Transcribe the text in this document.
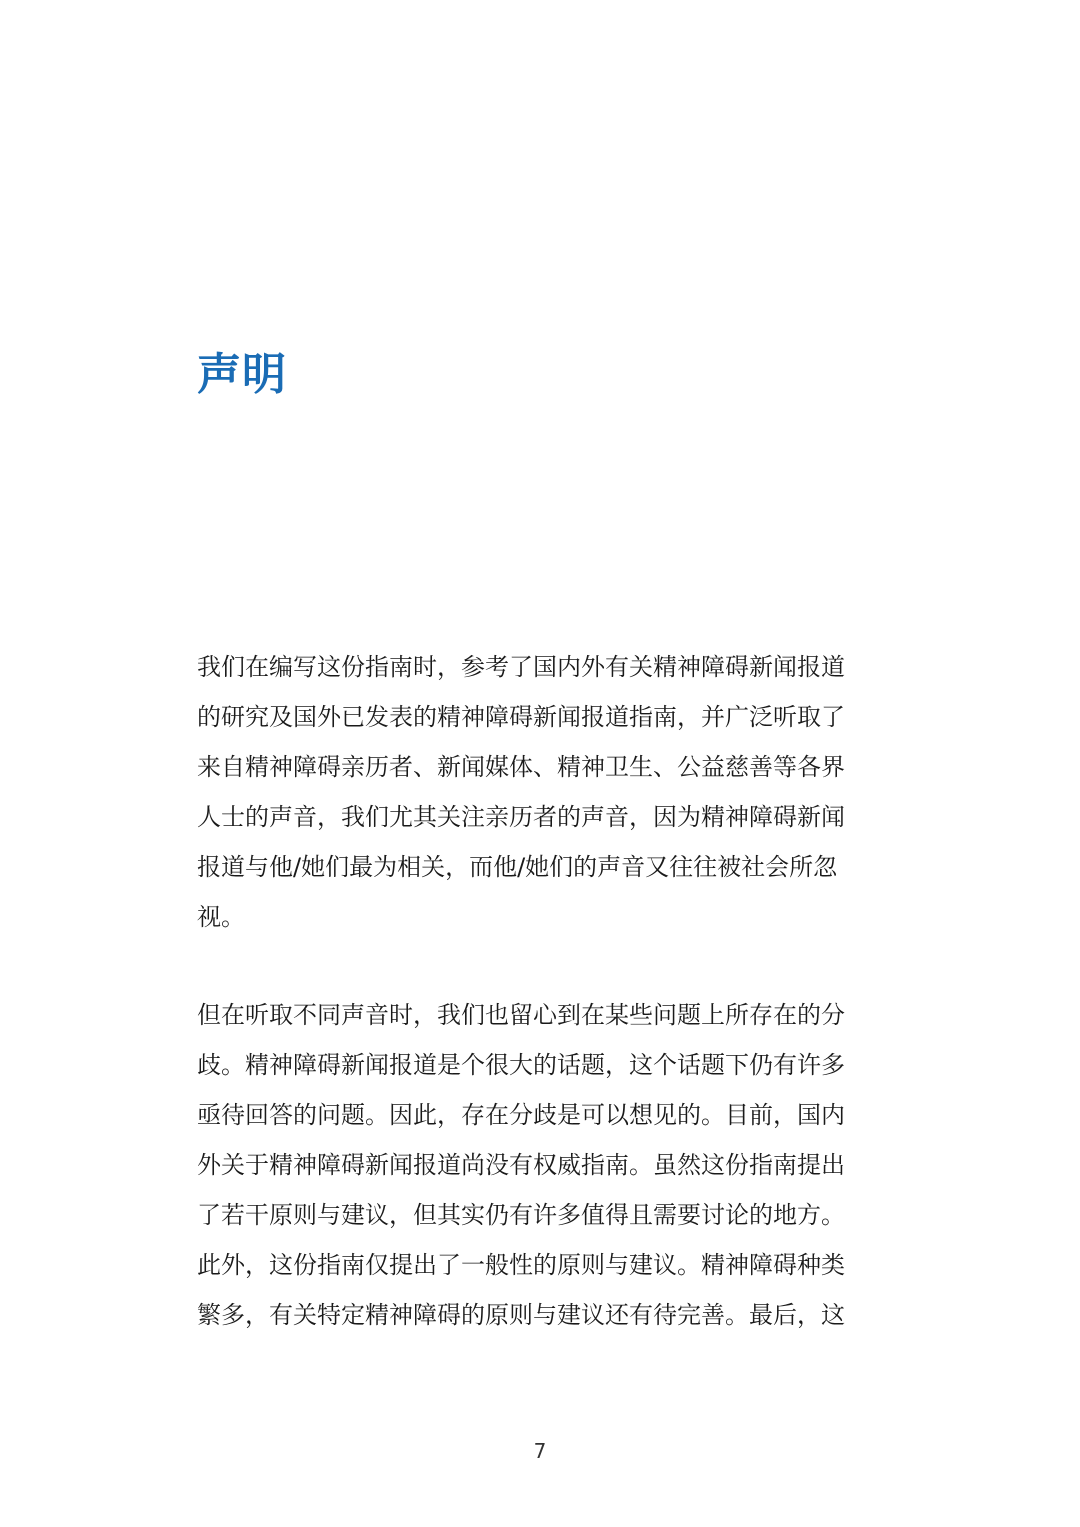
声明

我们在编写这份指南时，参考了国内外有关精神障碍新闻报道
的研究及国外已发表的精神障碍新闻报道指南，并广泛听取了
来自精神障碍亲历者、新闻媒体、精神卫生、公益慈善等各界
人士的声音，我们尤其关注亲历者的声音，因为精神障碍新闻
报道与他/她们最为相关，而他/她们的声音又往往被社会所忽
视。

但在听取不同声音时，我们也留心到在某些问题上所存在的分
歧。精神障碍新闻报道是个很大的话题，这个话题下仍有许多
亟待回答的问题。因此，存在分歧是可以想见的。目前，国内
外关于精神障碍新闻报道尚没有权威指南。虽然这份指南提出
了若干原则与建议，但其实仍有许多值得且需要讨论的地方。
此外，这份指南仅提出了一般性的原则与建议。精神障碍种类
繁多，有关特定精神障碍的原则与建议还有待完善。最后，这

7
